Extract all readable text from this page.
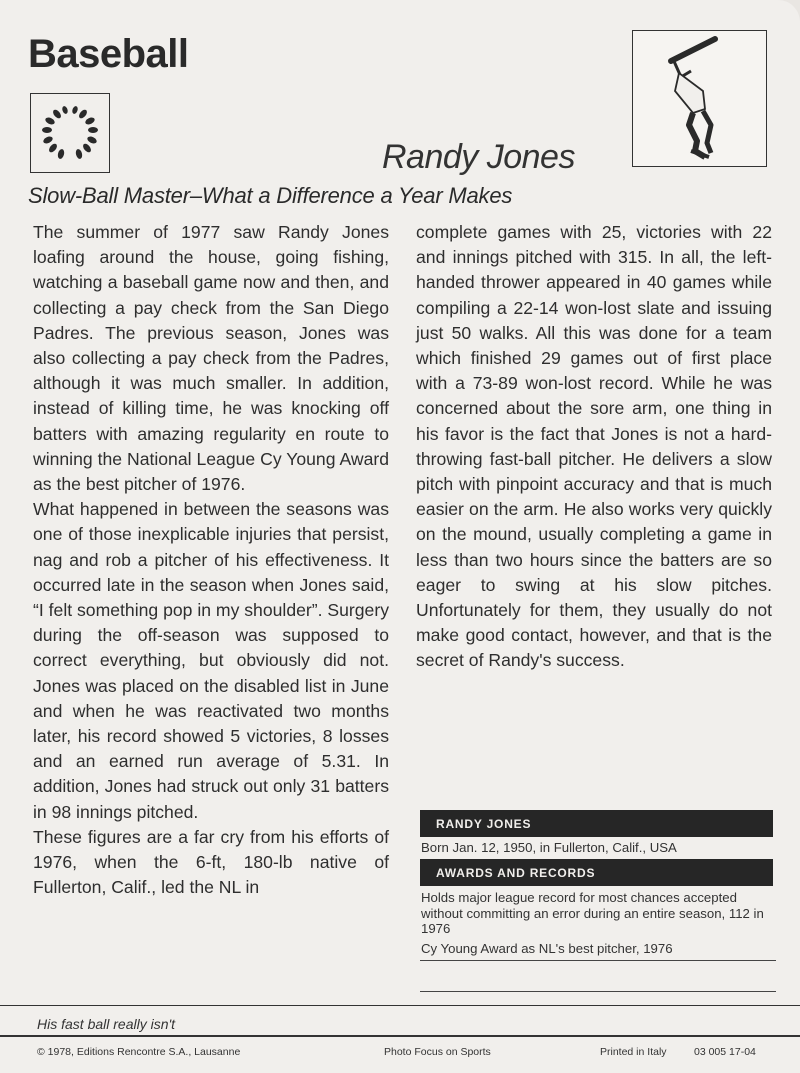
Baseball
Randy Jones
Slow-Ball Master–What a Difference a Year Makes

The summer of 1977 saw Randy Jones loafing around the house, going fishing, watching a baseball game now and then, and collecting a pay check from the San Diego Padres. The previous season, Jones was also collecting a pay check from the Padres, although it was much smaller. In addition, instead of killing time, he was knocking off batters with amazing regularity en route to winning the National League Cy Young Award as the best pitcher of 1976.

What happened in between the seasons was one of those inexplicable injuries that persist, nag and rob a pitcher of his effectiveness. It occurred late in the season when Jones said, “I felt something pop in my shoulder”. Surgery during the off-season was supposed to correct everything, but obviously did not. Jones was placed on the disabled list in June and when he was reactivated two months later, his record showed 5 victories, 8 losses and an earned run average of 5.31. In addition, Jones had struck out only 31 batters in 98 innings pitched.

These figures are a far cry from his efforts of 1976, when the 6-ft, 180-lb native of Fullerton, Calif., led the NL in

complete games with 25, victories with 22 and innings pitched with 315. In all, the left-handed thrower appeared in 40 games while compiling a 22-14 won-lost slate and issuing just 50 walks. All this was done for a team which finished 29 games out of first place with a 73-89 won-lost record. While he was concerned about the sore arm, one thing in his favor is the fact that Jones is not a hard-throwing fast-ball pitcher. He delivers a slow pitch with pinpoint accuracy and that is much easier on the arm. He also works very quickly on the mound, usually completing a game in less than two hours since the batters are so eager to swing at his slow pitches. Unfortunately for them, they usually do not make good contact, however, and that is the secret of Randy's success.

RANDY JONES
Born Jan. 12, 1950, in Fullerton, Calif., USA
AWARDS AND RECORDS
Holds major league record for most chances accepted without committing an error during an entire season, 112 in 1976
Cy Young Award as NL's best pitcher, 1976
His fast ball really isn't
© 1978, Editions Rencontre S.A., Lausanne	Photo Focus on Sports	Printed in Italy	03 005 17-04
